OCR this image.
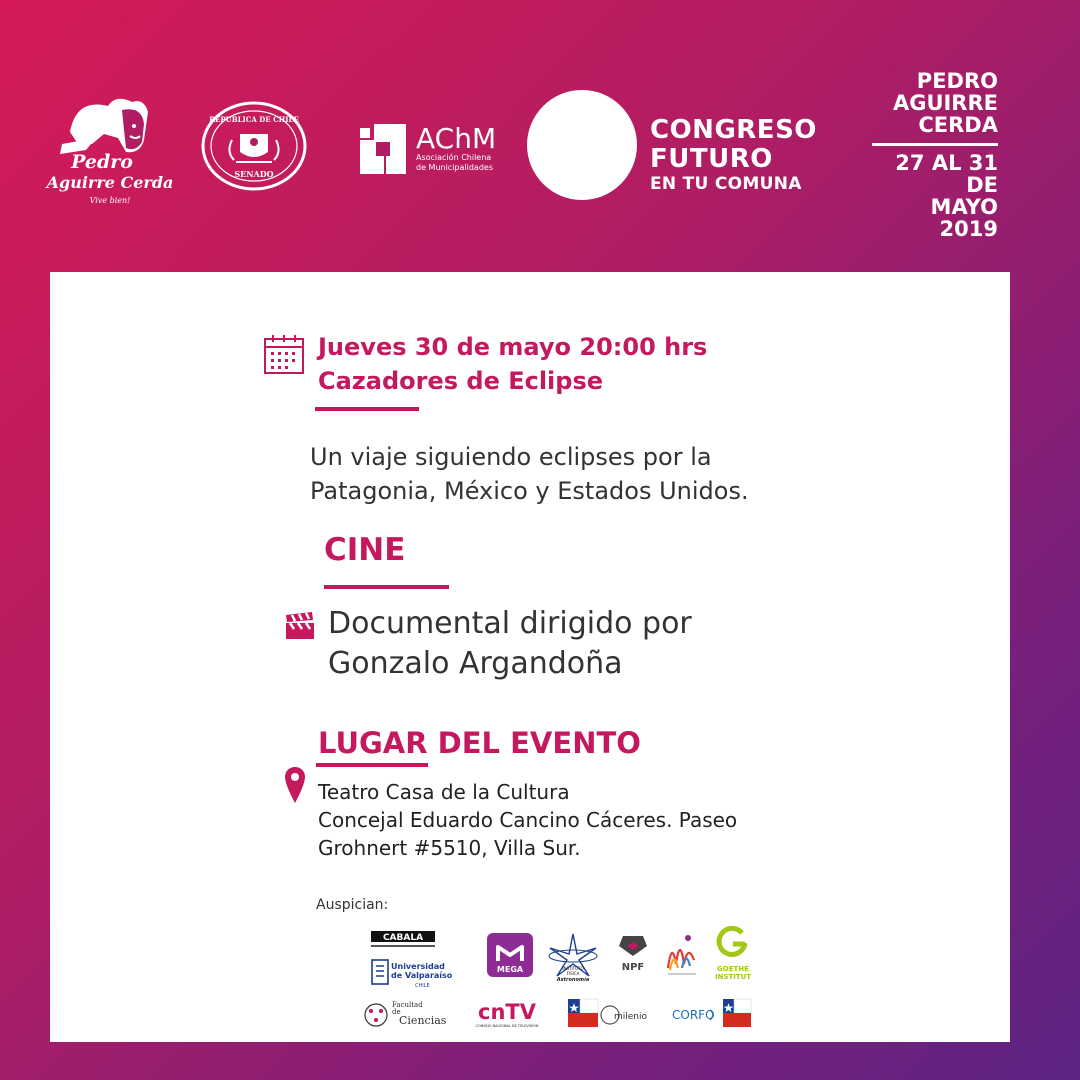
Pedro
Aguirre Cerda
Vive bien!
REPUBLICA DE CHILE
SENADO
AChM
Asociación Chilena
de Municipalidades
CONGRESO
FUTURO
EN TU COMUNA
PEDRO
AGUIRRE
CERDA
27 AL 31
DE
MAYO
2019
Jueves 30 de mayo 20:00 hrs
Cazadores de Eclipse
Un viaje siguiendo eclipses por la
Patagonia, México y Estados Unidos.
CINE
Documental dirigido por
Gonzalo Argandoña
LUGAR DEL EVENTO
Teatro Casa de la Cultura
Concejal Eduardo Cancino Cáceres. Paseo
Grohnert #5510, Villa Sur.
Auspician:
CABALA
Universidad
de Valparaíso
CHILE
Facultad
de
Ciencias
MEGA	INSTITUTO
FISICA
Astronomía
cnTV
CONSEJO NACIONAL DE TELEVISION
milenio
NPF	GOETHE
INSTITUT
CORFO
